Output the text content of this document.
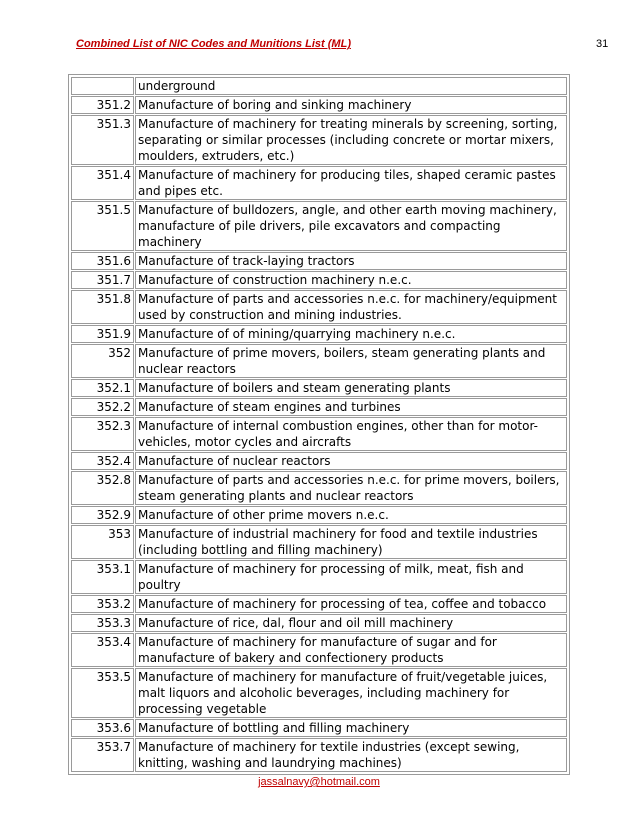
Combined List of NIC Codes and Munitions List (ML)	31
	underground
351.2	Manufacture of boring and sinking machinery
351.3	Manufacture of machinery for treating minerals by screening, sorting, separating or similar processes (including concrete or mortar mixers, moulders, extruders, etc.)
351.4	Manufacture of machinery for producing tiles, shaped ceramic pastes and pipes etc.
351.5	Manufacture of bulldozers, angle, and other earth moving machinery, manufacture of pile drivers, pile excavators and compacting machinery
351.6	Manufacture of track-laying tractors
351.7	Manufacture of construction machinery n.e.c.
351.8	Manufacture of parts and accessories n.e.c. for machinery/equipment used by construction and mining industries.
351.9	Manufacture of of mining/quarrying machinery n.e.c.
352	Manufacture of prime movers, boilers, steam generating plants and nuclear reactors
352.1	Manufacture of boilers and steam generating plants
352.2	Manufacture of steam engines and turbines
352.3	Manufacture of internal combustion engines, other than for motor-vehicles, motor cycles and aircrafts
352.4	Manufacture of nuclear reactors
352.8	Manufacture of parts and accessories n.e.c. for prime movers, boilers, steam generating plants and nuclear reactors
352.9	Manufacture of other prime movers n.e.c.
353	Manufacture of industrial machinery for food and textile industries (including bottling and filling machinery)
353.1	Manufacture of machinery for processing of milk, meat, fish and poultry
353.2	Manufacture of machinery for processing of tea, coffee and tobacco
353.3	Manufacture of rice, dal, flour and oil mill machinery
353.4	Manufacture of machinery for manufacture of sugar and for manufacture of bakery and confectionery products
353.5	Manufacture of machinery for manufacture of fruit/vegetable juices, malt liquors and alcoholic beverages, including machinery for processing vegetable
353.6	Manufacture of bottling and filling machinery
353.7	Manufacture of machinery for textile industries (except sewing, knitting, washing and laundrying machines)
jassalnavy@hotmail.com
